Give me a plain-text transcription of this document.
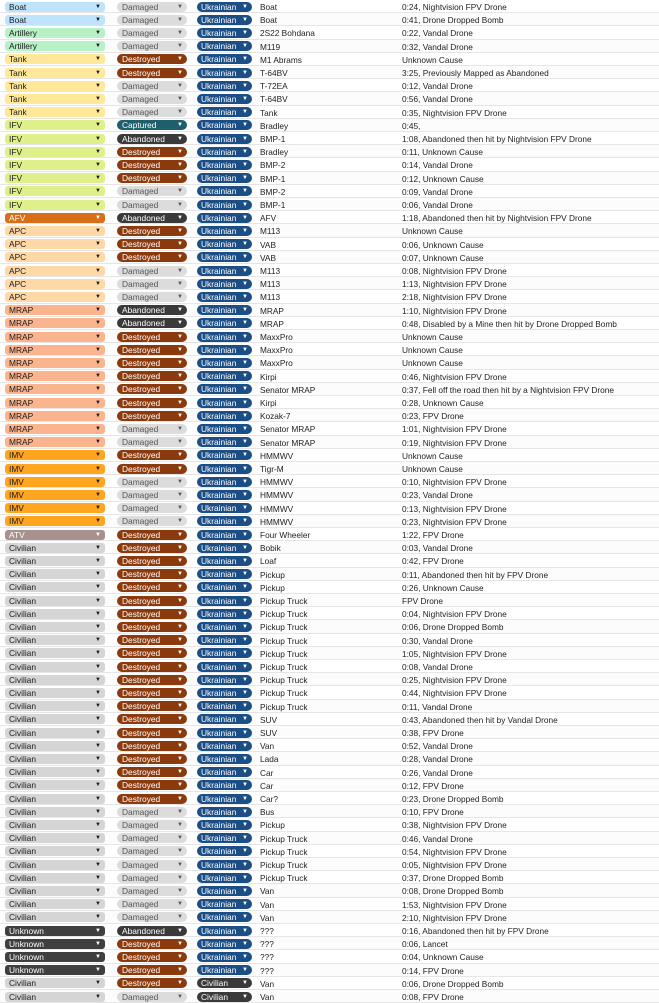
Boat	▼	Damaged	▼	Ukrainian ▼ Boat	0:24, Nightvision FPV Drone
Boat	▼	Damaged	▼	Ukrainian ▼ Boat	0:41, Drone Dropped Bomb
Artillery	▼	Damaged	▼	Ukrainian ▼ 2S22 Bohdana	0:22, Vandal Drone
Artillery	▼	Damaged	▼	Ukrainian ▼ M119	0:32, Vandal Drone
Tank	▼	Destroyed	▼	Ukrainian ▼ M1 Abrams	Unknown Cause
Tank	▼	Destroyed	▼	Ukrainian ▼ T-64BV	3:25, Previously Mapped as Abandoned
Tank	▼	Damaged	▼	Ukrainian ▼ T-72EA	0:12, Vandal Drone
Tank	▼	Damaged	▼	Ukrainian ▼ T-64BV	0:56, Vandal Drone
Tank	▼	Damaged	▼	Ukrainian ▼ Tank	0:35, Nightvision FPV Drone
IFV	▼	Captured	▼	Ukrainian ▼ Bradley	0:45,
IFV	▼	Abandoned ▼	Ukrainian ▼ BMP-1	1:08, Abandoned then hit by Nightvision FPV Drone
IFV	▼	Destroyed	▼	Ukrainian ▼ Bradley	0:11, Unknown Cause
IFV	▼	Destroyed	▼	Ukrainian ▼ BMP-2	0:14, Vandal Drone
IFV	▼	Destroyed	▼	Ukrainian ▼ BMP-1	0:12, Unknown Cause
IFV	▼	Damaged	▼	Ukrainian ▼ BMP-2	0:09, Vandal Drone
IFV	▼	Damaged	▼	Ukrainian ▼ BMP-1	0:06, Vandal Drone
AFV	▼	Abandoned ▼	Ukrainian ▼ AFV	1:18, Abandoned then hit by Nightvision FPV Drone
APC	▼	Destroyed	▼	Ukrainian ▼ M113	Unknown Cause
APC	▼	Destroyed	▼	Ukrainian ▼ VAB	0:06, Unknown Cause
APC	▼	Destroyed	▼	Ukrainian ▼ VAB	0:07, Unknown Cause
APC	▼	Damaged	▼	Ukrainian ▼ M113	0:08, Nightvision FPV Drone
APC	▼	Damaged	▼	Ukrainian ▼ M113	1:13, Nightvision FPV Drone
APC	▼	Damaged	▼	Ukrainian ▼ M113	2:18, Nightvision FPV Drone
MRAP	▼	Abandoned ▼	Ukrainian ▼ MRAP	1:10, Nightvision FPV Drone
MRAP	▼	Abandoned ▼	Ukrainian ▼ MRAP	0:48, Disabled by a Mine then hit by Drone Dropped Bomb
MRAP	▼	Destroyed	▼	Ukrainian ▼ MaxxPro	Unknown Cause
MRAP	▼	Destroyed	▼	Ukrainian ▼ MaxxPro	Unknown Cause
MRAP	▼	Destroyed	▼	Ukrainian ▼ MaxxPro	Unknown Cause
MRAP	▼	Destroyed	▼	Ukrainian ▼ Kirpi	0:46, Nightvision FPV Drone
MRAP	▼	Destroyed	▼	Ukrainian ▼ Senator MRAP	0:37, Fell off the road then hit by a Nightvision FPV Drone
MRAP	▼	Destroyed	▼	Ukrainian ▼ Kirpi	0:28, Unknown Cause
MRAP	▼	Destroyed	▼	Ukrainian ▼ Kozak-7	0:23, FPV Drone
MRAP	▼	Damaged	▼	Ukrainian ▼ Senator MRAP	1:01, Nightvision FPV Drone
MRAP	▼	Damaged	▼	Ukrainian ▼ Senator MRAP	0:19, Nightvision FPV Drone
IMV	▼	Destroyed	▼	Ukrainian ▼ HMMWV	Unknown Cause
IMV	▼	Destroyed	▼	Ukrainian ▼ Tigr-M	Unknown Cause
IMV	▼	Damaged	▼	Ukrainian ▼ HMMWV	0:10, Nightvision FPV Drone
IMV	▼	Damaged	▼	Ukrainian ▼ HMMWV	0:23, Vandal Drone
IMV	▼	Damaged	▼	Ukrainian ▼ HMMWV	0:13, Nightvision FPV Drone
IMV	▼	Damaged	▼	Ukrainian ▼ HMMWV	0:23, Nightvision FPV Drone
ATV	▼	Destroyed	▼	Ukrainian ▼ Four Wheeler	1:22, FPV Drone
Civilian	▼	Destroyed	▼	Ukrainian ▼ Bobik	0:03, Vandal Drone
Civilian	▼	Destroyed	▼	Ukrainian ▼ Loaf	0:42, FPV Drone
Civilian	▼	Destroyed	▼	Ukrainian ▼ Pickup	0:11, Abandoned then hit by FPV Drone
Civilian	▼	Destroyed	▼	Ukrainian ▼ Pickup	0:26, Unknown Cause
Civilian	▼	Destroyed	▼	Ukrainian ▼ Pickup Truck	FPV Drone
Civilian	▼	Destroyed	▼	Ukrainian ▼ Pickup Truck	0:04, Nightvision FPV Drone
Civilian	▼	Destroyed	▼	Ukrainian ▼ Pickup Truck	0:06, Drone Dropped Bomb
Civilian	▼	Destroyed	▼	Ukrainian ▼ Pickup Truck	0:30, Vandal Drone
Civilian	▼	Destroyed	▼	Ukrainian ▼ Pickup Truck	1:05, Nightvision FPV Drone
Civilian	▼	Destroyed	▼	Ukrainian ▼ Pickup Truck	0:08, Vandal Drone
Civilian	▼	Destroyed	▼	Ukrainian ▼ Pickup Truck	0:25, Nightvision FPV Drone
Civilian	▼	Destroyed	▼	Ukrainian ▼ Pickup Truck	0:44, Nightvision FPV Drone
Civilian	▼	Destroyed	▼	Ukrainian ▼ Pickup Truck	0:11, Vandal Drone
Civilian	▼	Destroyed	▼	Ukrainian ▼ SUV	0:43, Abandoned then hit by Vandal Drone
Civilian	▼	Destroyed	▼	Ukrainian ▼ SUV	0:38, FPV Drone
Civilian	▼	Destroyed	▼	Ukrainian ▼ Van	0:52, Vandal Drone
Civilian	▼	Destroyed	▼	Ukrainian ▼ Lada	0:28, Vandal Drone
Civilian	▼	Destroyed	▼	Ukrainian ▼ Car	0:26, Vandal Drone
Civilian	▼	Destroyed	▼	Ukrainian ▼ Car	0:12, FPV Drone
Civilian	▼	Destroyed	▼	Ukrainian ▼ Car?	0:23, Drone Dropped Bomb
Civilian	▼	Damaged	▼	Ukrainian ▼ Bus	0:10, FPV Drone
Civilian	▼	Damaged	▼	Ukrainian ▼ Pickup	0:38, Nightvision FPV Drone
Civilian	▼	Damaged	▼	Ukrainian ▼ Pickup Truck	0:46, Vandal Drone
Civilian	▼	Damaged	▼	Ukrainian ▼ Pickup Truck	0:54, Nightvision FPV Drone
Civilian	▼	Damaged	▼	Ukrainian ▼ Pickup Truck	0:05, Nightvision FPV Drone
Civilian	▼	Damaged	▼	Ukrainian ▼ Pickup Truck	0:37, Drone Dropped Bomb
Civilian	▼	Damaged	▼	Ukrainian ▼ Van	0:08, Drone Dropped Bomb
Civilian	▼	Damaged	▼	Ukrainian ▼ Van	1:53, Nightvision FPV Drone
Civilian	▼	Damaged	▼	Ukrainian ▼ Van	2:10, Nightvision FPV Drone
Unknown	▼	Abandoned ▼	Ukrainian ▼ ???	0:16, Abandoned then hit by FPV Drone
Unknown	▼	Destroyed	▼	Ukrainian ▼ ???	0:06, Lancet
Unknown	▼	Destroyed	▼	Ukrainian ▼ ???	0:04, Unknown Cause
Unknown	▼	Destroyed	▼	Ukrainian ▼ ???	0:14, FPV Drone
Civilian	▼	Destroyed	▼	Civilian ▼ Van	0:06, Drone Dropped Bomb
Civilian	▼	Damaged	▼	Civilian ▼ Van	0:08, FPV Drone
